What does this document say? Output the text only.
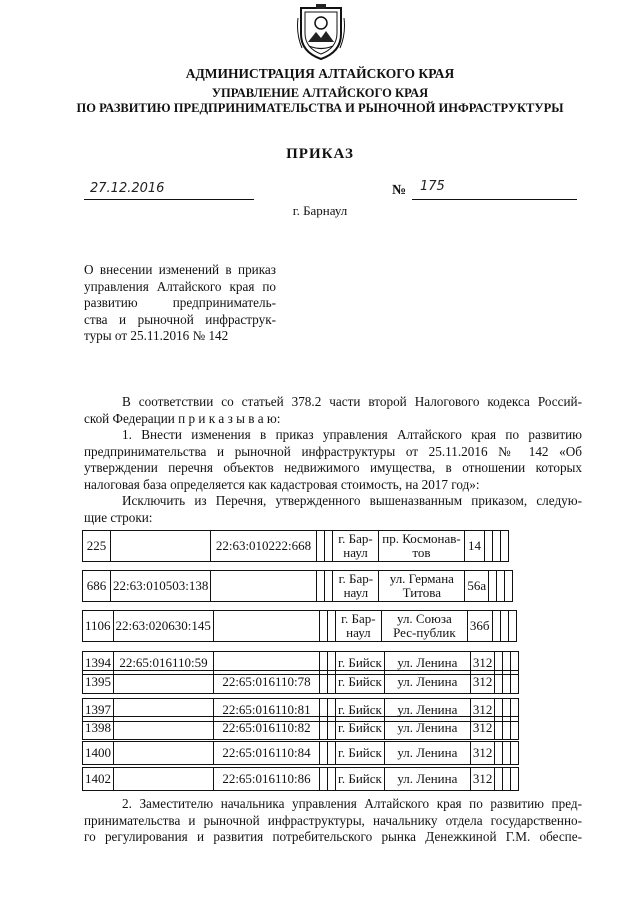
АДМИНИСТРАЦИЯ АЛТАЙСКОГО КРАЯ
УПРАВЛЕНИЕ АЛТАЙСКОГО КРАЯ
ПО РАЗВИТИЮ ПРЕДПРИНИМАТЕЛЬСТВА И РЫНОЧНОЙ ИНФРАСТРУКТУРЫ
ПРИКАЗ
27.12.2016	№ 175
г. Барнаул
О внесении изменений в приказ
управления Алтайского края по
развитию предприниматель-
ства и рыночной инфраструк-
туры от 25.11.2016 № 142
В соответствии со статьей 378.2 части второй Налогового кодекса Россий-
ской Федерации п р и к а з ы в а ю:
1. Внести изменения в приказ управления Алтайского края по развитию
предпринимательства и рыночной инфраструктуры от 25.11.2016 № 142 «Об
утверждении перечня объектов недвижимого имущества, в отношении которых
налоговая база определяется как кадастровая стоимость, на 2017 год»:
Исключить из Перечня, утвержденного вышеназванным приказом, следую-
щие строки:
225		22:63:010222:668			г. Бар-наул	пр. Космонав-тов	14			
686	22:63:010503:138				г. Бар-наул	ул. Германа Титова	56а			
1106	22:63:020630:145				г. Бар-наул	ул. Союза Рес-публик	36б			
1394	22:65:016110:59				г. Бийск	ул. Ленина	312			
1395		22:65:016110:78			г. Бийск	ул. Ленина	312			
1397		22:65:016110:81			г. Бийск	ул. Ленина	312			
1398		22:65:016110:82			г. Бийск	ул. Ленина	312			
1400		22:65:016110:84			г. Бийск	ул. Ленина	312			
1402		22:65:016110:86			г. Бийск	ул. Ленина	312			
2. Заместителю начальника управления Алтайского края по развитию пред-
принимательства и рыночной инфраструктуры, начальнику отдела государственно-
го регулирования и развития потребительского рынка Денежкиной Г.М. обеспе-
